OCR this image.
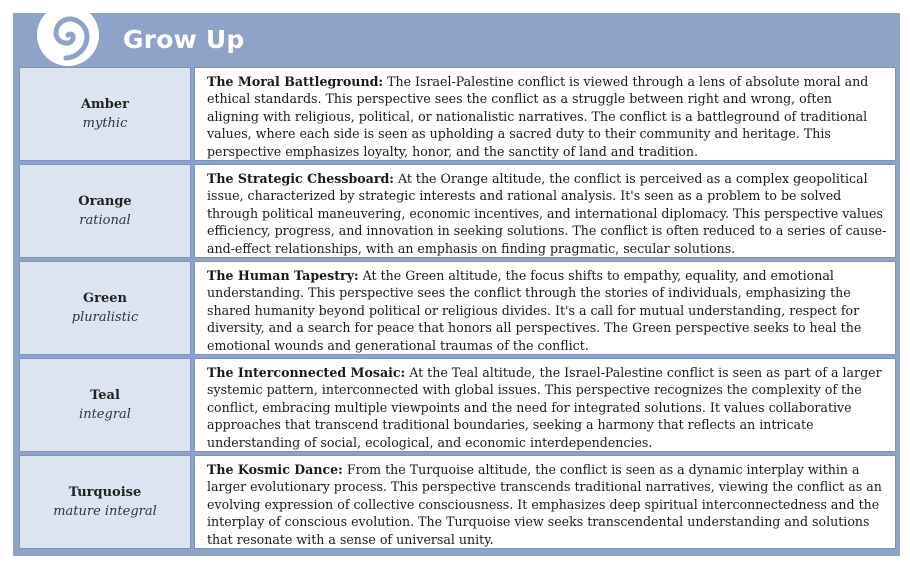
Grow Up
Amber
mythic
The Moral Battleground: The Israel-Palestine conflict is viewed through a lens of absolute moral and ethical standards. This perspective sees the conflict as a struggle between right and wrong, often aligning with religious, political, or nationalistic narratives. The conflict is a battleground of traditional values, where each side is seen as upholding a sacred duty to their community and heritage. This perspective emphasizes loyalty, honor, and the sanctity of land and tradition.
Orange
rational
The Strategic Chessboard: At the Orange altitude, the conflict is perceived as a complex geopolitical issue, characterized by strategic interests and rational analysis. It's seen as a problem to be solved through political maneuvering, economic incentives, and international diplomacy. This perspective values efficiency, progress, and innovation in seeking solutions. The conflict is often reduced to a series of cause-and-effect relationships, with an emphasis on finding pragmatic, secular solutions.
Green
pluralistic
The Human Tapestry: At the Green altitude, the focus shifts to empathy, equality, and emotional understanding. This perspective sees the conflict through the stories of individuals, emphasizing the shared humanity beyond political or religious divides. It's a call for mutual understanding, respect for diversity, and a search for peace that honors all perspectives. The Green perspective seeks to heal the emotional wounds and generational traumas of the conflict.
Teal
integral
The Interconnected Mosaic: At the Teal altitude, the Israel-Palestine conflict is seen as part of a larger systemic pattern, interconnected with global issues. This perspective recognizes the complexity of the conflict, embracing multiple viewpoints and the need for integrated solutions. It values collaborative approaches that transcend traditional boundaries, seeking a harmony that reflects an intricate understanding of social, ecological, and economic interdependencies.
Turquoise
mature integral
The Kosmic Dance: From the Turquoise altitude, the conflict is seen as a dynamic interplay within a larger evolutionary process. This perspective transcends traditional narratives, viewing the conflict as an evolving expression of collective consciousness. It emphasizes deep spiritual interconnectedness and the interplay of conscious evolution. The Turquoise view seeks transcendental understanding and solutions that resonate with a sense of universal unity.
